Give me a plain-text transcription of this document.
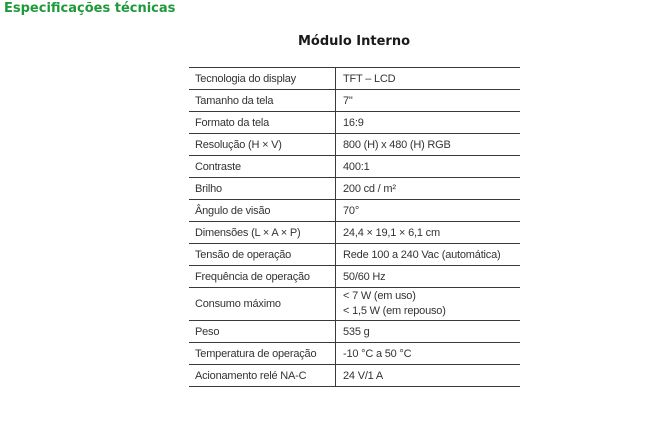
Especificações técnicas
Módulo Interno
Tecnologia do display	TFT – LCD
Tamanho da tela	7"
Formato da tela	16:9
Resolução (H × V)	800 (H) x 480 (H) RGB
Contraste	400:1
Brilho	200 cd / m²
Ângulo de visão	70°
Dimensões (L × A × P)	24,4 × 19,1 × 6,1 cm
Tensão de operação	Rede 100 a 240 Vac (automática)
Frequência de operação	50/60 Hz
Consumo máximo	< 7 W (em uso)
< 1,5 W (em repouso)

Peso	535 g
Temperatura de operação	-10 °C a 50 °C
Acionamento relé NA-C	24 V/1 A
